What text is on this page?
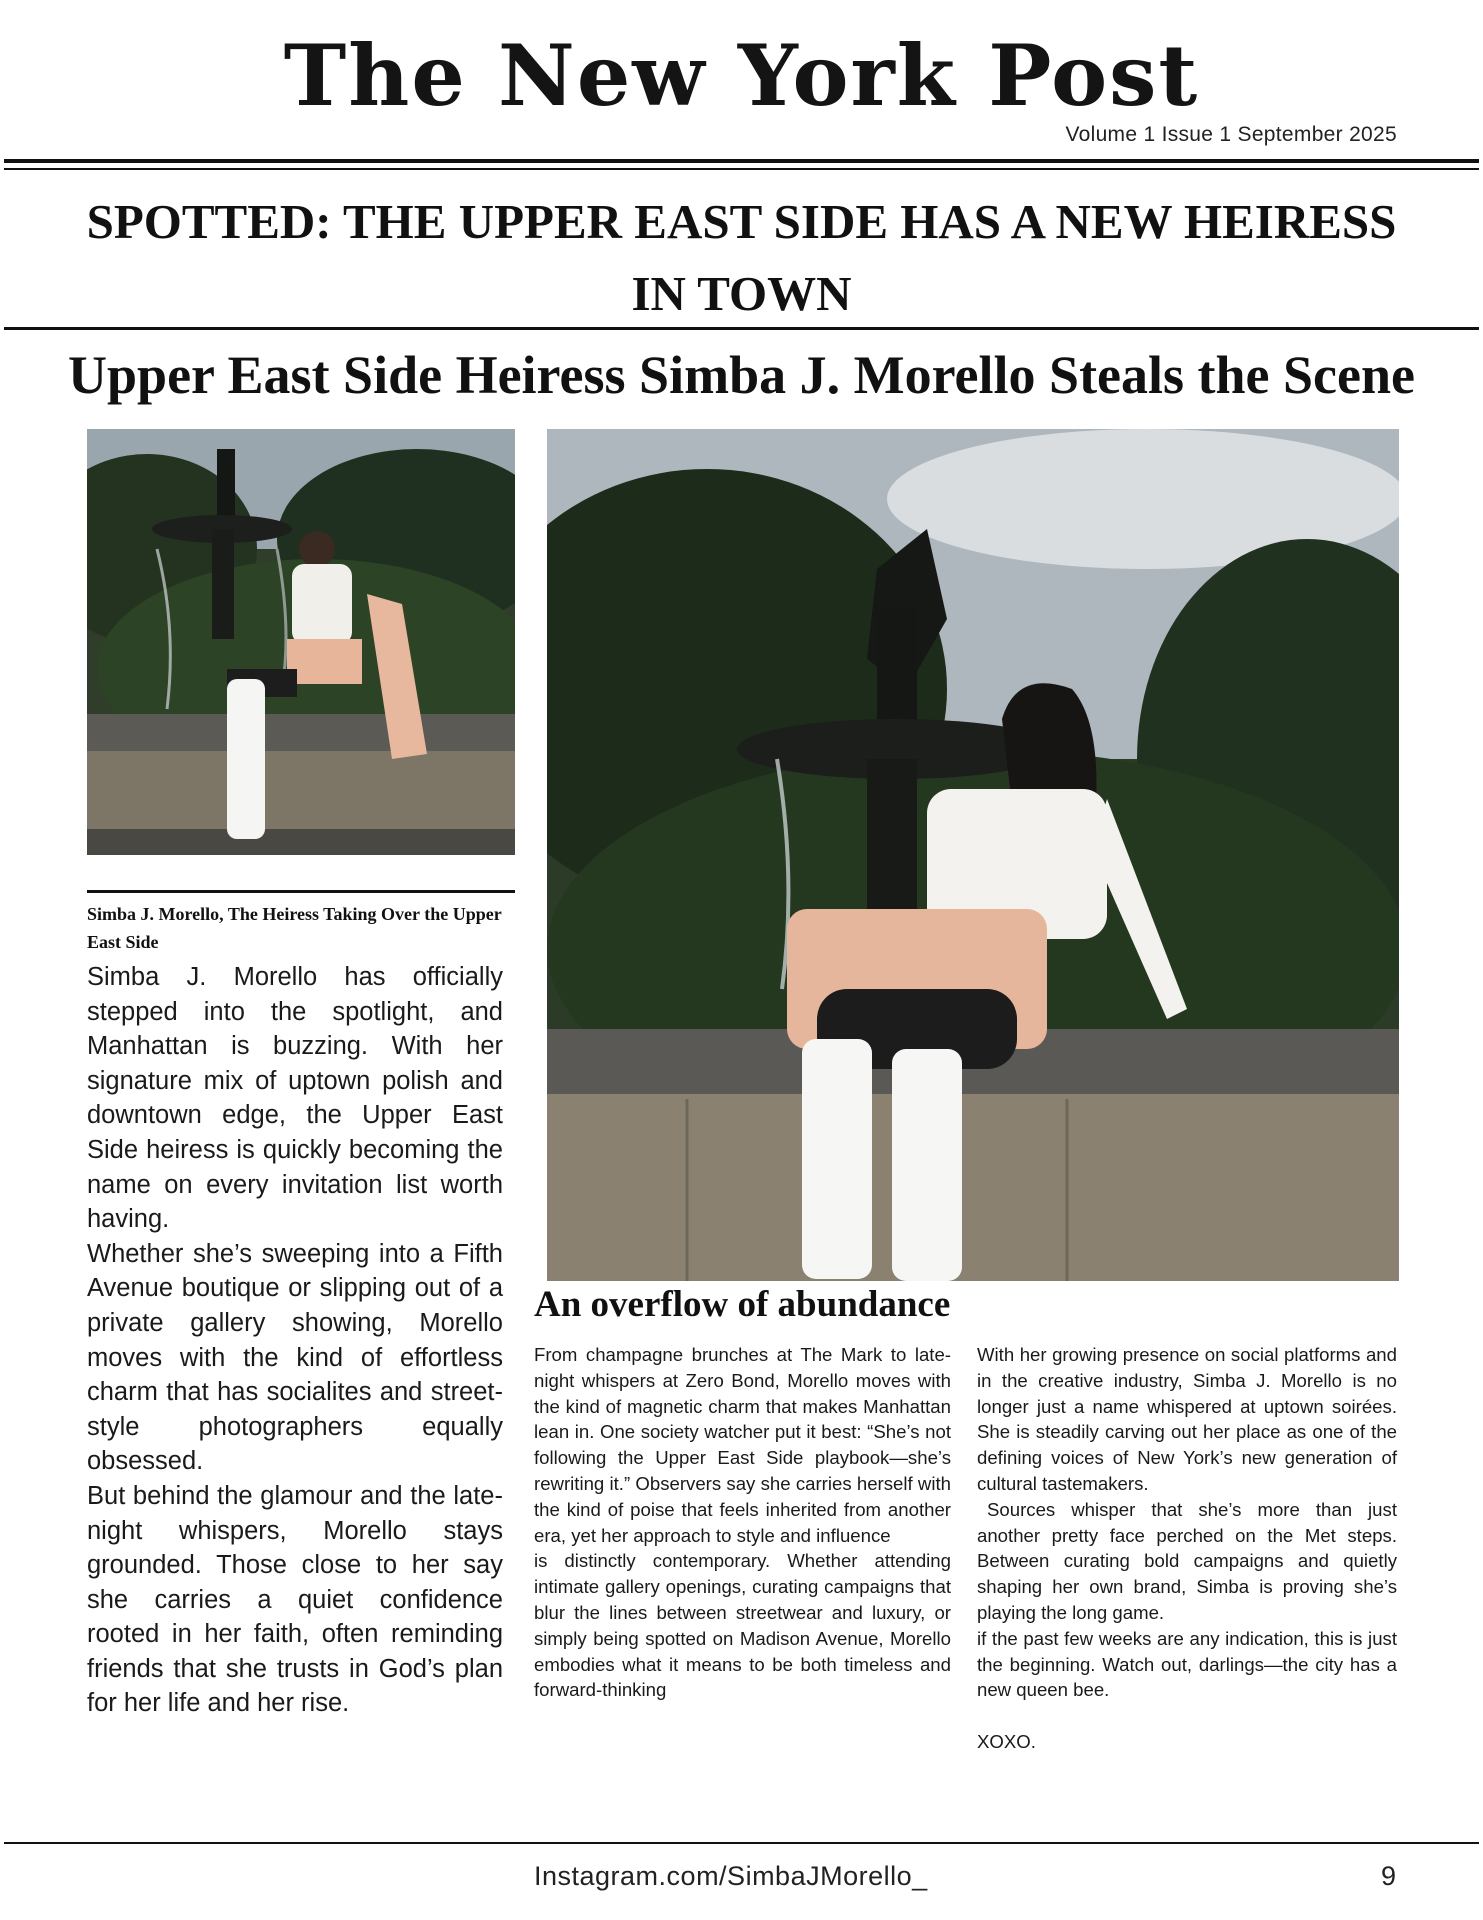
The New York Post
Volume 1 Issue 1 September 2025
SPOTTED: THE UPPER EAST SIDE HAS A NEW HEIRESS IN TOWN
Upper East Side Heiress Simba J. Morello Steals the Scene
Simba J. Morello, The Heiress Taking Over the Upper East Side

Simba J. Morello has officially stepped into the spotlight, and Manhattan is buzzing. With her signature mix of uptown polish and downtown edge, the Upper East Side heiress is quickly becoming the name on every invitation list worth having.

Whether she’s sweeping into a Fifth Avenue boutique or slipping out of a private gallery showing, Morello moves with the kind of effortless charm that has socialites and street-style photographers equally obsessed.

But behind the glamour and the late-night whispers, Morello stays grounded. Those close to her say she carries a quiet confidence rooted in her faith, often reminding friends that she trusts in God’s plan for her life and her rise.

An overflow of abundance

From champagne brunches at The Mark to late-night whispers at Zero Bond, Morello moves with the kind of magnetic charm that makes Manhattan lean in. One society watcher put it best: “She’s not following the Upper East Side playbook—she’s rewriting it.” Observers say she carries herself with the kind of poise that feels inherited from another era, yet her approach to style and influence

is distinctly contemporary. Whether attending intimate gallery openings, curating campaigns that blur the lines between streetwear and luxury, or simply being spotted on Madison Avenue, Morello embodies what it means to be both timeless and forward-thinking

With her growing presence on social platforms and in the creative industry, Simba J. Morello is no longer just a name whispered at uptown soirées. She is steadily carving out her place as one of the defining voices of New York’s new generation of cultural tastemakers.

Sources whisper that she’s more than just another pretty face perched on the Met steps. Between curating bold campaigns and quietly shaping her own brand, Simba is proving she’s playing the long game.

if the past few weeks are any indication, this is just the beginning. Watch out, darlings—the city has a new queen bee.

XOXO.

Instagram.com/SimbaJMorello_	9
